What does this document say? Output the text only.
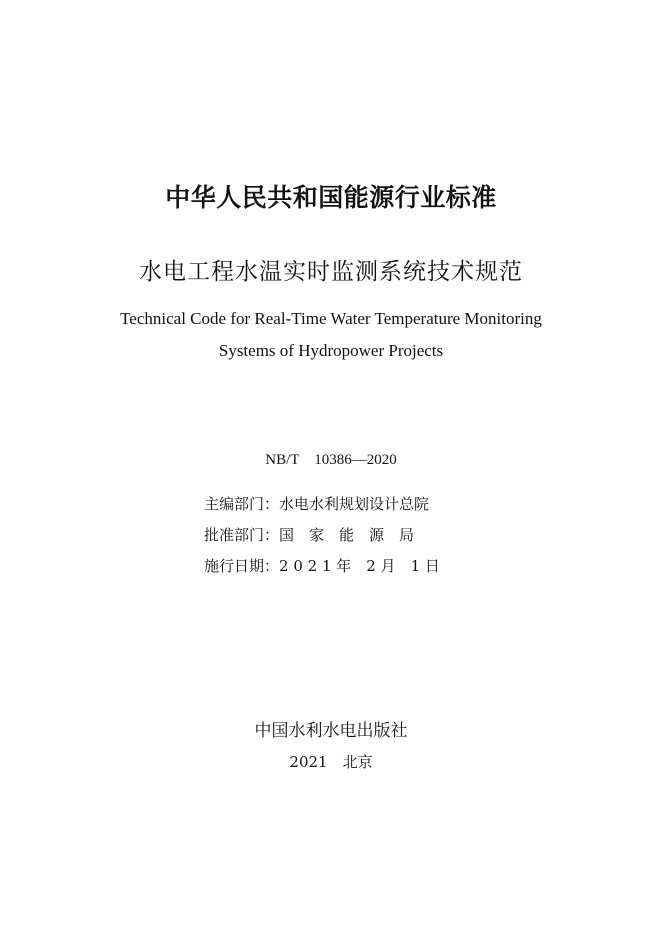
中华人民共和国能源行业标准
水电工程水温实时监测系统技术规范
Technical Code for Real-Time Water Temperature Monitoring
Systems of Hydropower Projects
NB/T　10386—2020
主编部门： 水电水利规划设计总院
批准部门： 国　家　能　源　局
施行日期： 2 0 2 1 年　2 月　1 日
中国水利水电出版社
2021　北京
